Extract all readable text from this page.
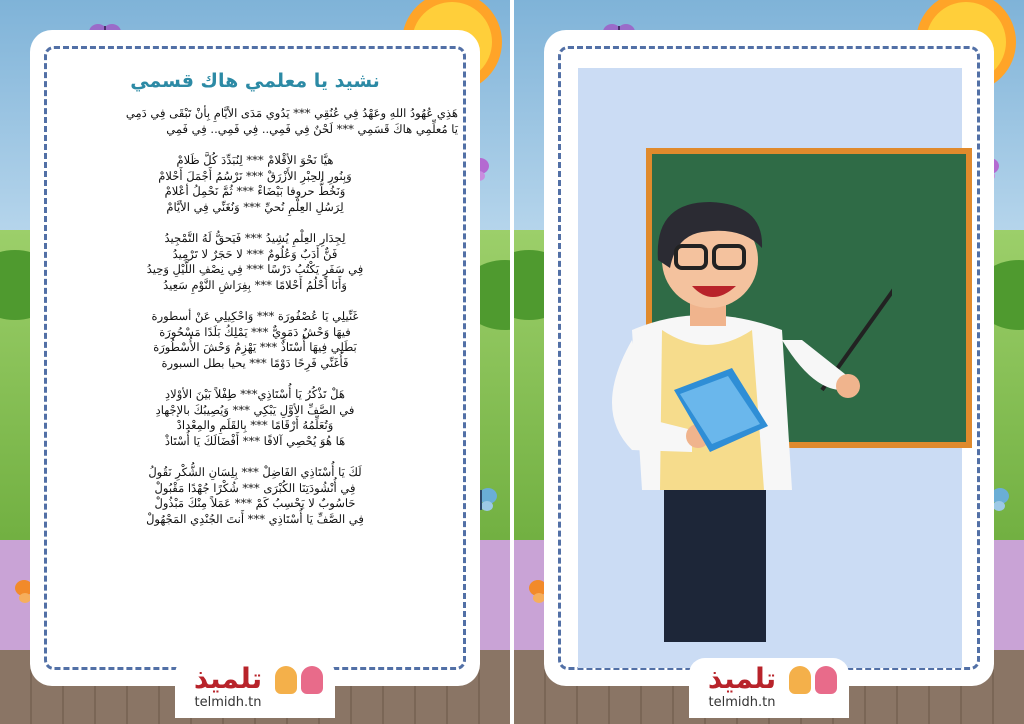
نشيد يا معلمي هاك قسمي
هَذِي عُهُودُ اللهِ وعَهْدُ فِي عُنُقِي *** يَدُوي مَدَى الأيَّامِ بِأنْ تَبْقَى فِي دَمِي
يَا مُعلِّمِي هاكَ قَسَمِي *** لَحْنٌ فِي فَمِي.. فِي فَمِي.. فِي فَمِي
هيَّا نَحْوَ الأقْلامْ *** لِنُبَدِّدَ كُلَّ ظَلامْ
وَبِنُورِ الحِبْرِ الأَزْرَقْ *** نَرْسُمُ أَجْمَلَ أَحْلامْ
وَنَخُطُّ حروفا بَيْضَاءْ *** ثُمَّ نَحْمِلُ أعْلامْ
لِرَسُلِ العِلْمِ نُحيِّ *** وَنُغَنِّي فِي الأيَّامْ
لِجِدَارِ العِلْمِ يُشِيدُ *** فَيَحقُّ لَهُ التَّمْجِيدُ
فَنٌّ أَدَبٌ وَعُلُومٌ *** لا حَجَرٌ لا تَرْمِيدُ
فِي سَفَرٍ يَكْتُبُ دَرْسًا *** فِي نِصْفِ اللَّيْلِ وَحِيدُ
وَأَنَا أَحْلُمُ أَحْلامًا *** بِفِرَاشِ النَّوْمِ سَعِيدُ
غَنِّيلِي يَا عُصْفُورَة *** وَاحْكِيلِي عَنْ أسطورة
فيهَا وَحْشٌ دَمَوِيٌّ *** يَمْلِكُ بَلَدًا مَسْحُورَة
بَطَلِي فِيهَا أُسْتَاذٌ *** يَهْزِمُ وَحْشَ الأُسْطُورَة
فَأُغَنِّي فَرِحًا دَوْمًا *** يحيا بطل السبورة
هَلْ تَذْكُرُ يَا أُسْتَاذِي*** طِفْلاً بَيْنَ الأوْلادِ
في الصَّفِّ الأوَّلِ يَبْكِي *** وَيُصِيبُكَ بالإجْهادِ
وَتُعَلِّمُهُ أَرْقَامًا *** بِالقَلَمِ والمِعْدادْ
هَا هُوَ يُحْصِي آلافًا *** أَفْضَالَكَ يَا أُسْتَاذْ
لَكَ يَا أُسْتَاذِي الفَاضِلْ *** بِلِسَانِ الشُّكْرِ نَقُولُ
فِي أُنْشُودَتِنَا الكُبْرَى *** شُكْرًا جُهْدًا مَقْبُولْ
حَاسُوبٌ لا يَحْسِبُ كَمْ *** عَمَلاً مِنْكَ مَبْذُولْ
فِي الصَّفِّ يَا أُسْتَاذِي *** أَنتَ الجُنْدِي المَجْهُولْ
تلميذ
telmidh.tn
تلميذ
telmidh.tn
